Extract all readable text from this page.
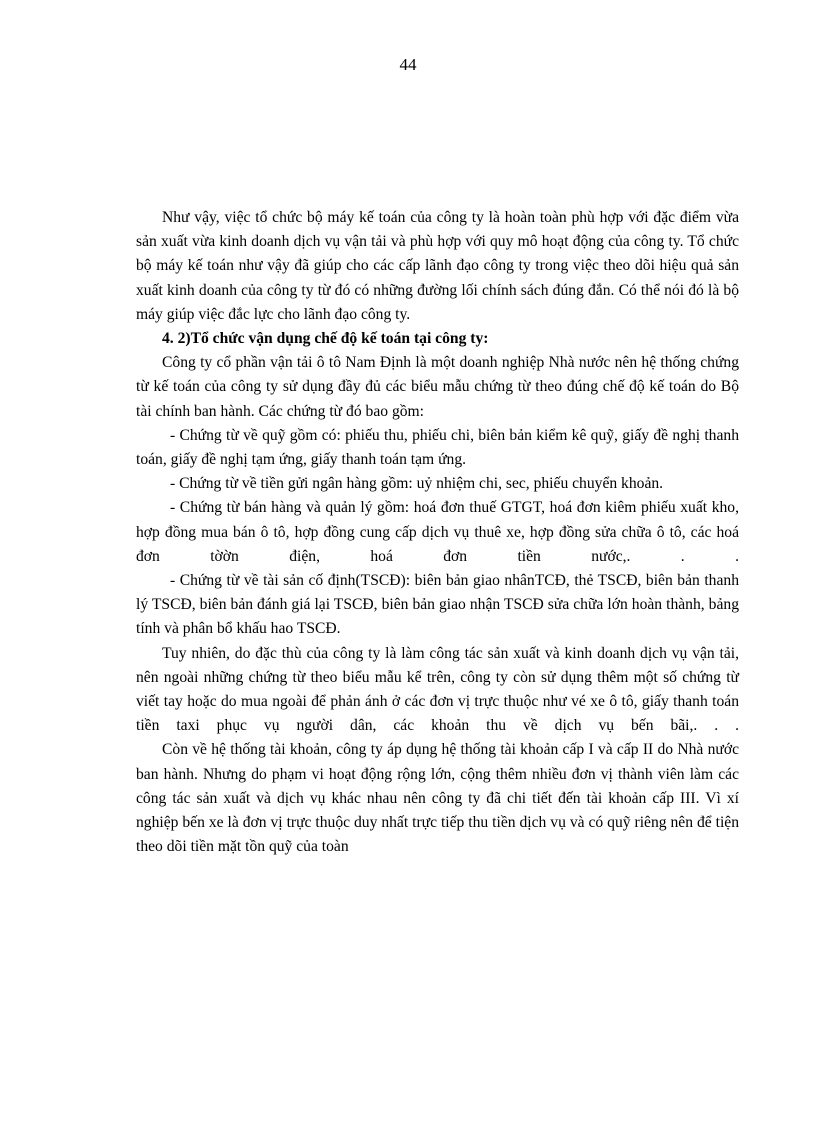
44

Như vậy, việc tổ chức bộ máy kế toán của công ty là hoàn toàn phù hợp với đặc điểm vừa sản xuất vừa kinh doanh dịch vụ vận tải và phù hợp với quy mô hoạt động của công ty. Tổ chức bộ máy kế toán như vậy đã giúp cho các cấp lãnh đạo công ty trong việc theo dõi hiệu quả sản xuất kinh doanh của công ty từ đó có những đường lối chính sách đúng đắn. Có thể nói đó là bộ máy giúp việc đắc lực cho lãnh đạo công ty.

4. 2)Tổ chức vận dụng chế độ kế toán tại công ty:

Công ty cổ phần vận tải ô tô Nam Định là một doanh nghiệp Nhà nước nên hệ thống chứng từ kế toán của công ty sử dụng đầy đủ các biểu mẫu chứng từ theo đúng chế độ kế toán do Bộ tài chính ban hành. Các chứng từ đó bao gồm:

- Chứng từ về quỹ gồm có: phiếu thu, phiếu chi, biên bản kiểm kê quỹ, giấy đề nghị thanh toán, giấy đề nghị tạm ứng, giấy thanh toán tạm ứng.

- Chứng từ về tiền gửi ngân hàng gồm: uỷ nhiệm chi, sec, phiếu chuyển khoản.

- Chứng từ bán hàng và quản lý gồm: hoá đơn thuế GTGT, hoá đơn kiêm phiếu xuất kho, hợp đồng mua bán ô tô, hợp đồng cung cấp dịch vụ thuê xe, hợp đồng sửa chữa ô tô, các hoá đơn tờờn điện, hoá đơn tiền nước,. . .

- Chứng từ về tài sản cố định(TSCĐ): biên bản giao nhânTCĐ, thẻ TSCĐ, biên bản thanh lý TSCĐ, biên bản đánh giá lại TSCĐ, biên bản giao nhận TSCĐ sửa chữa lớn hoàn thành, bảng tính và phân bổ khấu hao TSCĐ.

Tuy nhiên, do đặc thù của công ty là làm công tác sản xuất và kinh doanh dịch vụ vận tải, nên ngoài những chứng từ theo biểu mẫu kể trên, công ty còn sử dụng thêm một số chứng từ viết tay hoặc do mua ngoài để phản ánh ở các đơn vị trực thuộc như vé xe ô tô, giấy thanh toán tiền taxi phục vụ người dân, các khoản thu về dịch vụ bến bãi,. . .

Còn về hệ thống tài khoản, công ty áp dụng hệ thống tài khoản cấp I và cấp II do Nhà nước ban hành. Nhưng do phạm vi hoạt động rộng lớn, cộng thêm nhiều đơn vị thành viên làm các công tác sản xuất và dịch vụ khác nhau nên công ty đã chi tiết đến tài khoản cấp III. Vì xí nghiệp bến xe là đơn vị trực thuộc duy nhất trực tiếp thu tiền dịch vụ và có quỹ riêng nên để tiện theo dõi tiền mặt tồn quỹ của toàn
